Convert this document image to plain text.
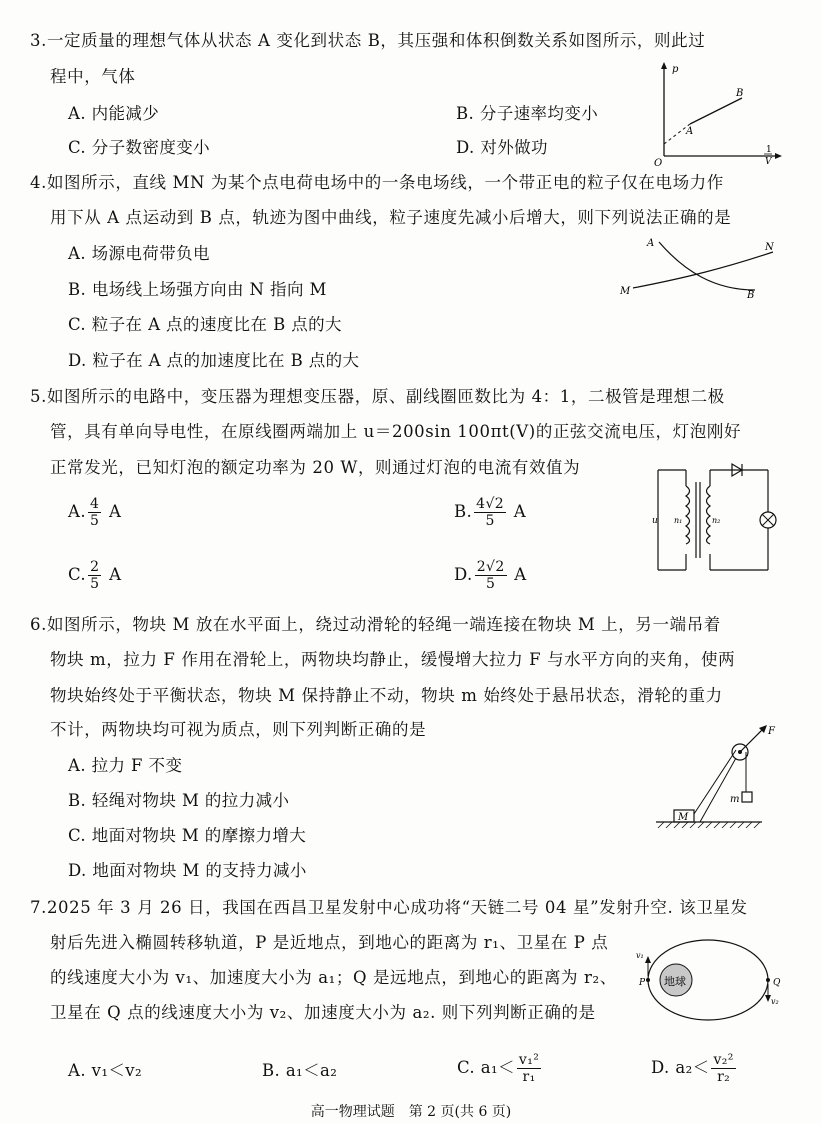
3.一定质量的理想气体从状态 A 变化到状态 B，其压强和体积倒数关系如图所示，则此过
程中，气体
A. 内能减少	B. 分子速率均变小
C. 分子数密度变小	D. 对外做功
p
O
A
B
1
V
4.如图所示，直线 MN 为某个点电荷电场中的一条电场线，一个带正电的粒子仅在电场力作
用下从 A 点运动到 B 点，轨迹为图中曲线，粒子速度先减小后增大，则下列说法正确的是
A. 场源电荷带负电
B. 电场线上场强方向由 N 指向 M
C. 粒子在 A 点的速度比在 B 点的大
D. 粒子在 A 点的加速度比在 B 点的大
A
B
M
N
5.如图所示的电路中，变压器为理想变压器，原、副线圈匝数比为 4：1，二极管是理想二极
管，具有单向导电性，在原线圈两端加上 u＝200sin 100πt(V)的正弦交流电压，灯泡刚好
正常发光，已知灯泡的额定功率为 20 W，则通过灯泡的电流有效值为
A. $\frac{4}{5}$ A	B. $\frac{4√2}{5}$ A
C. $\frac{2}{5}$ A	D. $\frac{2√2}{5}$ A
u n₁	n₂
6.如图所示，物块 M 放在水平面上，绕过动滑轮的轻绳一端连接在物块 M 上，另一端吊着
物块 m，拉力 F 作用在滑轮上，两物块均静止，缓慢增大拉力 F 与水平方向的夹角，使两
物块始终处于平衡状态，物块 M 保持静止不动，物块 m 始终处于悬吊状态，滑轮的重力
不计，两物块均可视为质点，则下列判断正确的是
A. 拉力 F 不变
B. 轻绳对物块 M 的拉力减小
C. 地面对物块 M 的摩擦力增大
D. 地面对物块 M 的支持力减小
M
m
F
7.2025 年 3 月 26 日，我国在西昌卫星发射中心成功将“天链二号 04 星”发射升空. 该卫星发
射后先进入椭圆转移轨道，P 是近地点，到地心的距离为 r₁、卫星在 P 点
的线速度大小为 v₁、加速度大小为 a₁；Q 是远地点，到地心的距离为 r₂、
卫星在 Q 点的线速度大小为 v₂、加速度大小为 a₂. 则下列判断正确的是
A. v₁＜v₂	B. a₁＜a₂	C. $a_1< \frac{\text{v₁²}}{\text{r₁}}$	D. $a_2< \frac{\text{v₂²}}{\text{r₂}}$
地球
P	Q
v₁
v₂
高一物理试题　第 2 页(共 6 页)
